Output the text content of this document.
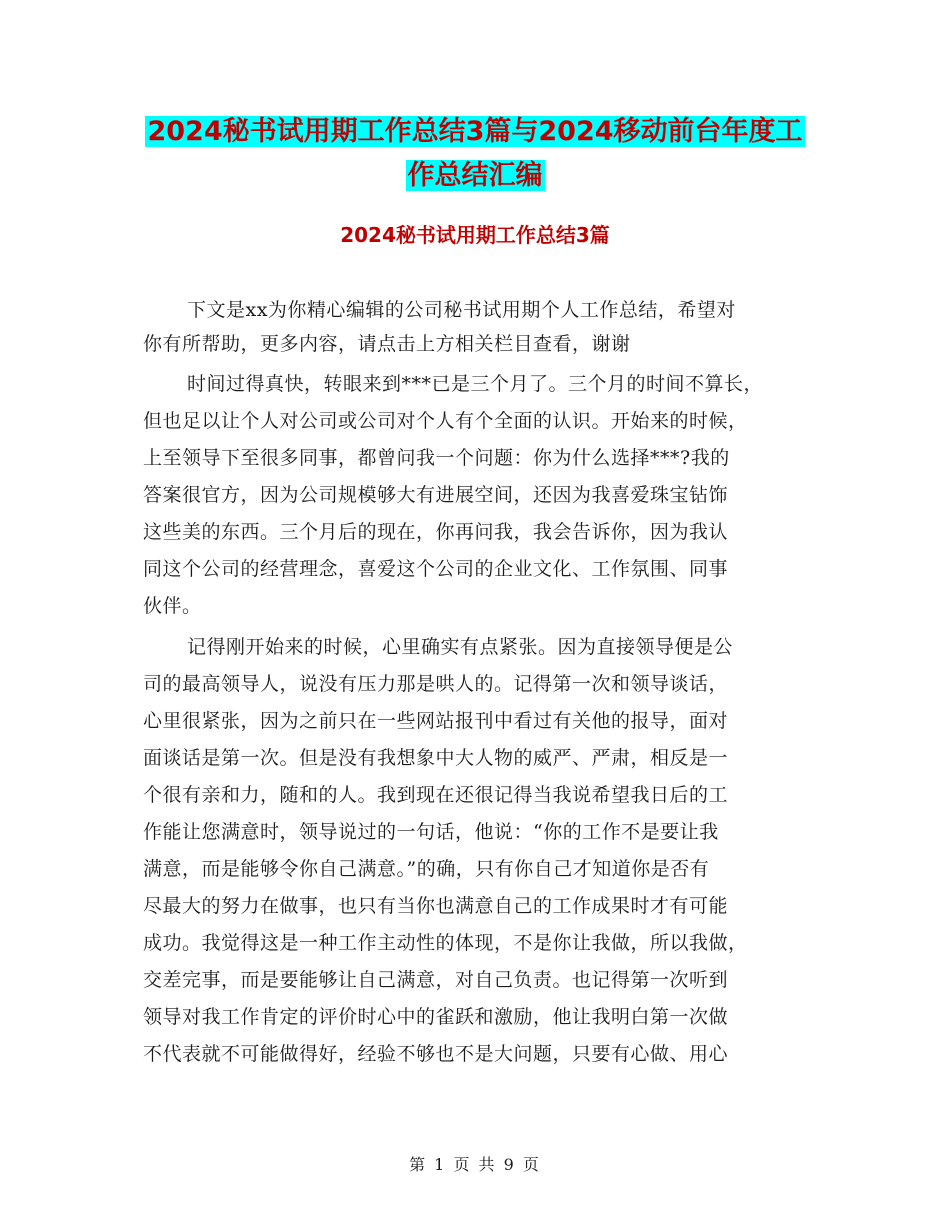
2024秘书试用期工作总结3篇与2024移动前台年度工
作总结汇编
2024秘书试用期工作总结3篇
下文是xx为你精心编辑的公司秘书试用期个人工作总结，希望对
你有所帮助，更多内容，请点击上方相关栏目查看，谢谢
时间过得真快，转眼来到***已是三个月了。三个月的时间不算长，
但也足以让个人对公司或公司对个人有个全面的认识。开始来的时候，
上至领导下至很多同事，都曾问我一个问题：你为什么选择***?我的
答案很官方，因为公司规模够大有进展空间，还因为我喜爱珠宝钻饰
这些美的东西。三个月后的现在，你再问我，我会告诉你，因为我认
同这个公司的经营理念，喜爱这个公司的企业文化、工作氛围、同事
伙伴。
记得刚开始来的时候，心里确实有点紧张。因为直接领导便是公
司的最高领导人，说没有压力那是哄人的。记得第一次和领导谈话，
心里很紧张，因为之前只在一些网站报刊中看过有关他的报导，面对
面谈话是第一次。但是没有我想象中大人物的威严、严肃，相反是一
个很有亲和力，随和的人。我到现在还很记得当我说希望我日后的工
作能让您满意时，领导说过的一句话，他说：“你的工作不是要让我
满意，而是能够令你自己满意。”的确，只有你自己才知道你是否有
尽最大的努力在做事，也只有当你也满意自己的工作成果时才有可能
成功。我觉得这是一种工作主动性的体现，不是你让我做，所以我做，
交差完事，而是要能够让自己满意，对自己负责。也记得第一次听到
领导对我工作肯定的评价时心中的雀跃和激励，他让我明白第一次做
不代表就不可能做得好，经验不够也不是大问题，只要有心做、用心
第 1 页 共 9 页
